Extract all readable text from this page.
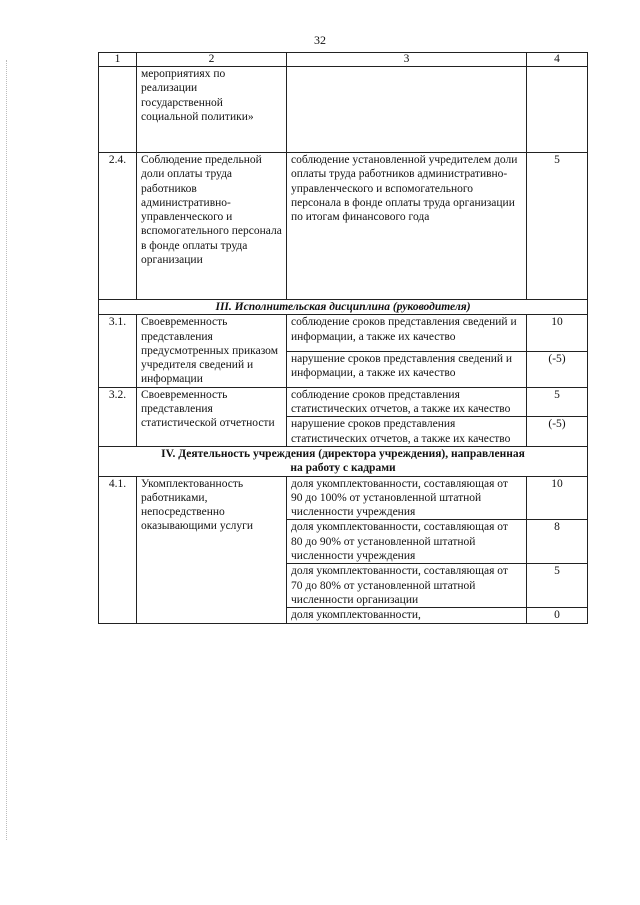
32
1	2	3	4
	мероприятиях по реализации государственной социальной политики»		
2.4.	Соблюдение предельной доли оплаты труда работников административно-управленческого и вспомогательного персонала в фонде оплаты труда организации	соблюдение установленной учредителем доли оплаты труда работников административно-управленческого и вспомогательного персонала в фонде оплаты труда организации по итогам финансового года	5
III. Исполнительская дисциплина (руководителя)			
3.1.	Своевременность представления предусмотренных приказом учредителя сведений и информации	соблюдение сроков представления сведений и информации, а также их качество	10
		нарушение сроков представления сведений и информации, а также их качество	(-5)
3.2.	Своевременность представления статистической отчетности	соблюдение сроков представления статистических отчетов, а также их качество	5
		нарушение сроков представления статистических отчетов, а также их качество	(-5)
IV. Деятельность учреждения (директора учреждения), направленная
на работу с кадрами			
4.1.	Укомплектованность работниками, непосредственно оказывающими услуги	доля укомплектованности, составляющая от 90 до 100% от установленной штатной численности учреждения	10
		доля укомплектованности, составляющая от 80 до 90% от установленной штатной численности учреждения	8
		доля укомплектованности, составляющая от 70 до 80% от установленной штатной численности организации	5
		доля укомплектованности,	0
